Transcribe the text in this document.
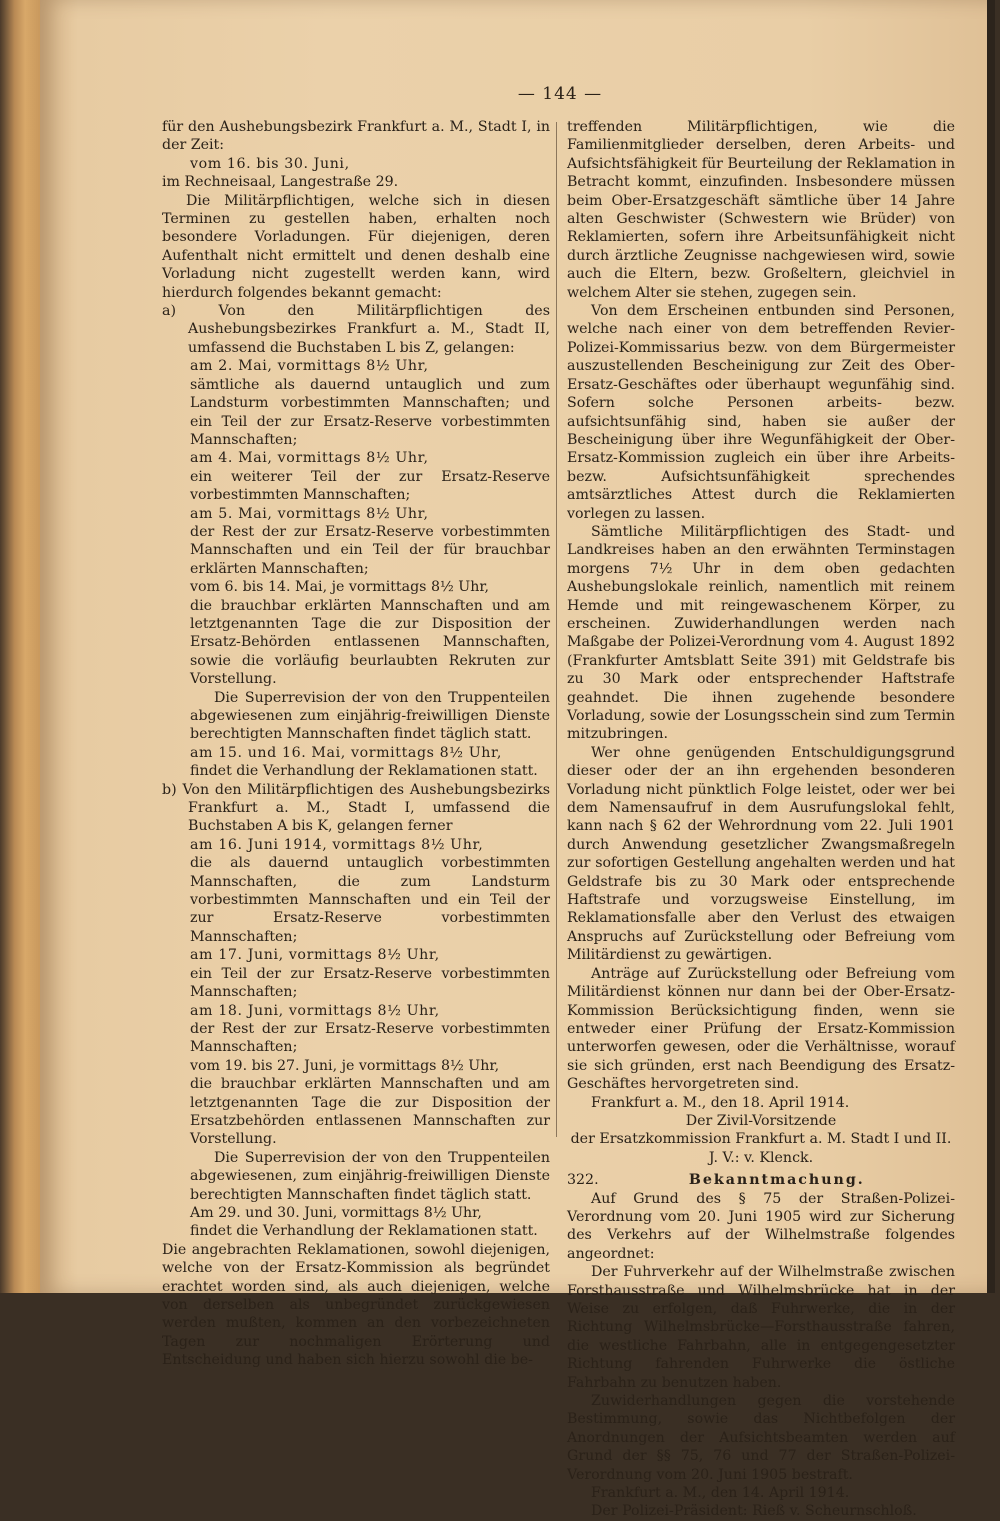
— 144 —

für den Aushebungsbezirk Frankfurt a. M., Stadt I, in der Zeit:

vom 16. bis 30. Juni,

im Rechneisaal, Langestraße 29.

Die Militärpflichtigen, welche sich in diesen Terminen zu gestellen haben, erhalten noch besondere Vorladungen. Für diejenigen, deren Aufenthalt nicht ermittelt und denen deshalb eine Vorladung nicht zugestellt werden kann, wird hierdurch folgendes bekannt gemacht:

a) Von den Militärpflichtigen des Aushebungsbezirkes Frankfurt a. M., Stadt II, umfassend die Buchstaben L bis Z, gelangen:

am 2. Mai, vormittags 8½ Uhr,

sämtliche als dauernd untauglich und zum Landsturm vorbestimmten Mannschaften; und ein Teil der zur Ersatz-Reserve vorbestimmten Mannschaften;

am 4. Mai, vormittags 8½ Uhr,

ein weiterer Teil der zur Ersatz-Reserve vorbestimmten Mannschaften;

am 5. Mai, vormittags 8½ Uhr,

der Rest der zur Ersatz-Reserve vorbestimmten Mannschaften und ein Teil der für brauchbar erklärten Mannschaften;

vom 6. bis 14. Mai, je vormittags 8½ Uhr,

die brauchbar erklärten Mannschaften und am letztgenannten Tage die zur Disposition der Ersatz-Behörden entlassenen Mannschaften, sowie die vorläufig beurlaubten Rekruten zur Vorstellung.

Die Superrevision der von den Truppenteilen abgewiesenen zum einjährig-freiwilligen Dienste berechtigten Mannschaften findet täglich statt.

am 15. und 16. Mai, vormittags 8½ Uhr,

findet die Verhandlung der Reklamationen statt.

b) Von den Militärpflichtigen des Aushebungsbezirks Frankfurt a. M., Stadt I, umfassend die Buchstaben A bis K, gelangen ferner

am 16. Juni 1914, vormittags 8½ Uhr,

die als dauernd untauglich vorbestimmten Mannschaften, die zum Landsturm vorbestimmten Mannschaften und ein Teil der zur Ersatz-Reserve vorbestimmten Mannschaften;

am 17. Juni, vormittags 8½ Uhr,

ein Teil der zur Ersatz-Reserve vorbestimmten Mannschaften;

am 18. Juni, vormittags 8½ Uhr,

der Rest der zur Ersatz-Reserve vorbestimmten Mannschaften;

vom 19. bis 27. Juni, je vormittags 8½ Uhr,

die brauchbar erklärten Mannschaften und am letztgenannten Tage die zur Disposition der Ersatzbehörden entlassenen Mannschaften zur Vorstellung.

Die Superrevision der von den Truppenteilen abgewiesenen, zum einjährig-freiwilligen Dienste berechtigten Mannschaften findet täglich statt.

Am 29. und 30. Juni, vormittags 8½ Uhr,

findet die Verhandlung der Reklamationen statt.

Die angebrachten Reklamationen, sowohl diejenigen, welche von der Ersatz-Kommission als begründet erachtet worden sind, als auch diejenigen, welche von derselben als unbegründet zurückgewiesen werden mußten, kommen an den vorbezeichneten Tagen zur nochmaligen Erörterung und Entscheidung und haben sich hierzu sowohl die be-

treffenden Militärpflichtigen, wie die Familienmitglieder derselben, deren Arbeits- und Aufsichtsfähigkeit für Beurteilung der Reklamation in Betracht kommt, einzufinden. Insbesondere müssen beim Ober-Ersatzgeschäft sämtliche über 14 Jahre alten Geschwister (Schwestern wie Brüder) von Reklamierten, sofern ihre Arbeitsunfähigkeit nicht durch ärztliche Zeugnisse nachgewiesen wird, sowie auch die Eltern, bezw. Großeltern, gleichviel in welchem Alter sie stehen, zugegen sein.

Von dem Erscheinen entbunden sind Personen, welche nach einer von dem betreffenden Revier-Polizei-Kommissarius bezw. von dem Bürgermeister auszustellenden Bescheinigung zur Zeit des Ober-Ersatz-Geschäftes oder überhaupt wegunfähig sind. Sofern solche Personen arbeits- bezw. aufsichtsunfähig sind, haben sie außer der Bescheinigung über ihre Wegunfähigkeit der Ober-Ersatz-Kommission zugleich ein über ihre Arbeits- bezw. Aufsichtsunfähigkeit sprechendes amtsärztliches Attest durch die Reklamierten vorlegen zu lassen.

Sämtliche Militärpflichtigen des Stadt- und Landkreises haben an den erwähnten Terminstagen morgens 7½ Uhr in dem oben gedachten Aushebungslokale reinlich, namentlich mit reinem Hemde und mit reingewaschenem Körper, zu erscheinen. Zuwiderhandlungen werden nach Maßgabe der Polizei-Verordnung vom 4. August 1892 (Frankfurter Amtsblatt Seite 391) mit Geldstrafe bis zu 30 Mark oder entsprechender Haftstrafe geahndet. Die ihnen zugehende besondere Vorladung, sowie der Losungsschein sind zum Termin mitzubringen.

Wer ohne genügenden Entschuldigungsgrund dieser oder der an ihn ergehenden besonderen Vorladung nicht pünktlich Folge leistet, oder wer bei dem Namensaufruf in dem Ausrufungslokal fehlt, kann nach § 62 der Wehrordnung vom 22. Juli 1901 durch Anwendung gesetzlicher Zwangsmaßregeln zur sofortigen Gestellung angehalten werden und hat Geldstrafe bis zu 30 Mark oder entsprechende Haftstrafe und vorzugsweise Einstellung, im Reklamationsfalle aber den Verlust des etwaigen Anspruchs auf Zurückstellung oder Befreiung vom Militärdienst zu gewärtigen.

Anträge auf Zurückstellung oder Befreiung vom Militärdienst können nur dann bei der Ober-Ersatz-Kommission Berücksichtigung finden, wenn sie entweder einer Prüfung der Ersatz-Kommission unterworfen gewesen, oder die Verhältnisse, worauf sie sich gründen, erst nach Beendigung des Ersatz-Geschäftes hervorgetreten sind.

Frankfurt a. M., den 18. April 1914.

Der Zivil-Vorsitzende

der Ersatzkommission Frankfurt a. M. Stadt I und II.

J. V.: v. Klenck.

322.	Bekanntmachung.

Auf Grund des § 75 der Straßen-Polizei-Verordnung vom 20. Juni 1905 wird zur Sicherung des Verkehrs auf der Wilhelmstraße folgendes angeordnet:

Der Fuhrverkehr auf der Wilhelmstraße zwischen Forsthausstraße und Wilhelmsbrücke hat in der Weise zu erfolgen, daß Fuhrwerke, die in der Richtung Wilhelmsbrücke—Forsthausstraße fahren, die westliche Fahrbahn, alle in entgegengesetzter Richtung fahrenden Fuhrwerke die östliche Fahrbahn zu benutzen haben.

Zuwiderhandlungen gegen die vorstehende Bestimmung, sowie das Nichtbefolgen der Anordnungen der Aufsichtsbeamten werden auf Grund der §§ 75, 76 und 77 der Straßen-Polizei-Verordnung vom 20. Juni 1905 bestraft.

Frankfurt a. M., den 14. April 1914.

Der Polizei-Präsident: Rieß v. Scheurnschloß.
